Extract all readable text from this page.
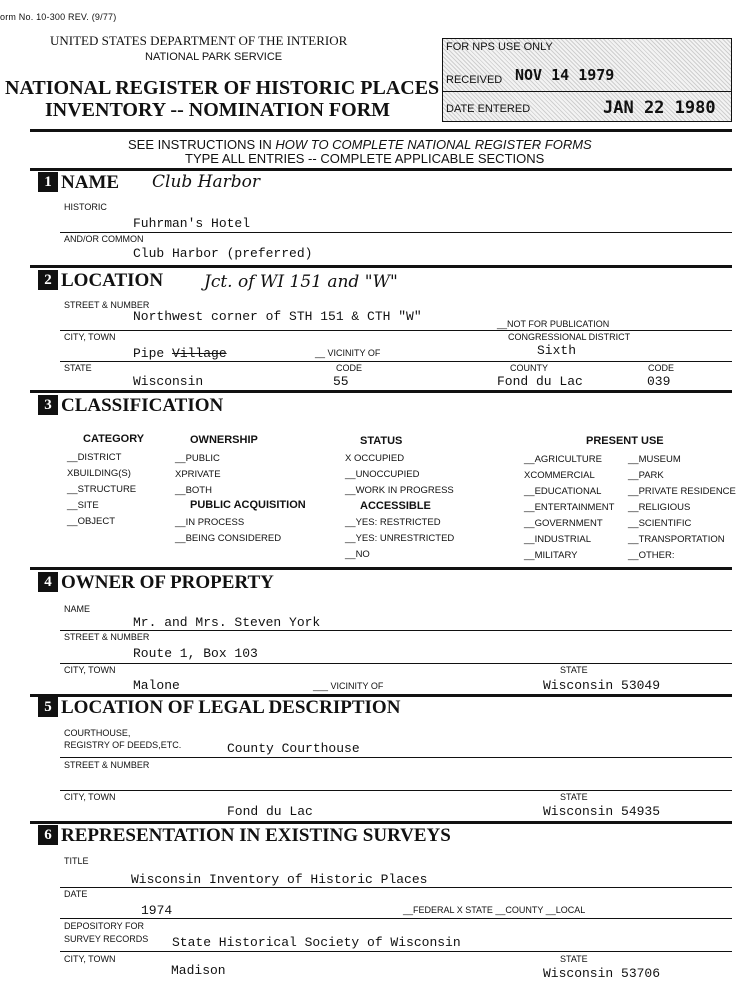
orm No. 10-300 REV. (9/77)
UNITED STATES DEPARTMENT OF THE INTERIOR
NATIONAL PARK SERVICE
NATIONAL REGISTER OF HISTORIC PLACES
INVENTORY -- NOMINATION FORM
FOR NPS USE ONLY
RECEIVED NOV 14 1979
DATE ENTERED	JAN 22 1980
SEE INSTRUCTIONS IN HOW TO COMPLETE NATIONAL REGISTER FORMS
TYPE ALL ENTRIES -- COMPLETE APPLICABLE SECTIONS
1 NAME Club Harbor
HISTORIC
Fuhrman's Hotel
AND/OR COMMON
Club Harbor (preferred)
2 LOCATION Jct. of WI 151 and "W"
STREET & NUMBER
Northwest corner of STH 151 & CTH "W"	__NOT FOR PUBLICATION
CITY, TOWN	CONGRESSIONAL DISTRICT
Pipe Village	__ VICINITY OF	Sixth
STATE	CODE	COUNTY	CODE
Wisconsin	55	Fond du Lac	039
3 CLASSIFICATION
CATEGORY
__DISTRICT
XBUILDING(S)
__STRUCTURE
__SITE
__OBJECT
OWNERSHIP
__PUBLIC
XPRIVATE
__BOTH
PUBLIC ACQUISITION
__IN PROCESS
__BEING CONSIDERED
STATUS
X OCCUPIED
__UNOCCUPIED
__WORK IN PROGRESS
ACCESSIBLE
__YES: RESTRICTED
__YES: UNRESTRICTED
__NO
PRESENT USE
__AGRICULTURE
XCOMMERCIAL
__EDUCATIONAL
__ENTERTAINMENT
__GOVERNMENT
__INDUSTRIAL
__MILITARY
__MUSEUM
__PARK
__PRIVATE RESIDENCE
__RELIGIOUS
__SCIENTIFIC
__TRANSPORTATION
__OTHER:
4 OWNER OF PROPERTY
NAME
Mr. and Mrs. Steven York
STREET & NUMBER
Route 1, Box 103
CITY, TOWN	STATE
Malone	___ VICINITY OF	Wisconsin 53049
5 LOCATION OF LEGAL DESCRIPTION
COURTHOUSE,
REGISTRY OF DEEDS,ETC.	County Courthouse
STREET & NUMBER
CITY, TOWN	STATE
Fond du Lac	Wisconsin 54935
6 REPRESENTATION IN EXISTING SURVEYS
TITLE
Wisconsin Inventory of Historic Places
DATE
1974	__FEDERAL X STATE __COUNTY __LOCAL
DEPOSITORY FOR
SURVEY RECORDS State Historical Society of Wisconsin
CITY, TOWN	STATE
Madison	Wisconsin 53706
